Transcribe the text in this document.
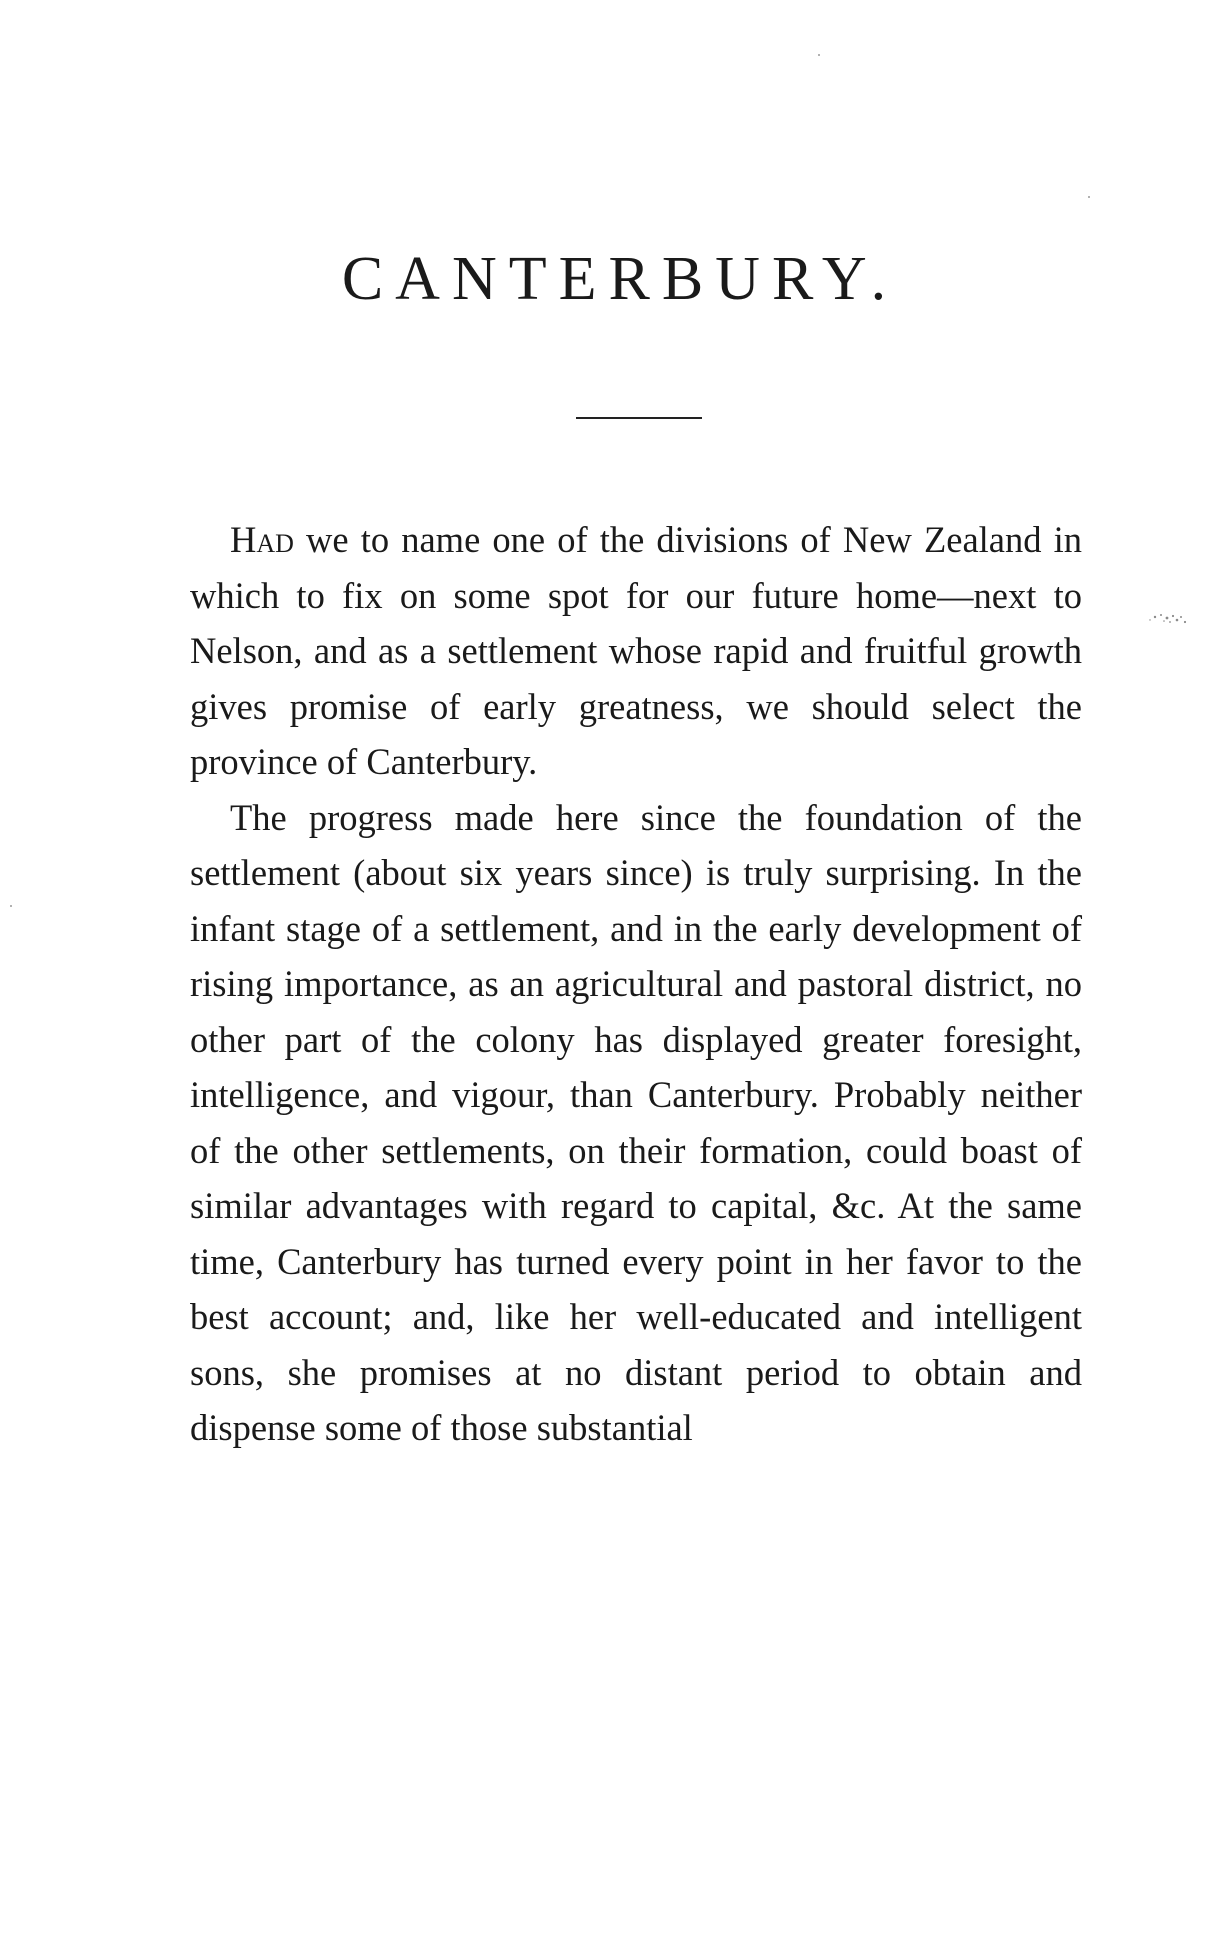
CANTERBURY.

Had we to name one of the divisions of New Zealand in which to fix on some spot for our future home—next to Nelson, and as a settlement whose rapid and fruitful growth gives promise of early greatness, we should select the province of Canterbury.

The progress made here since the foundation of the settlement (about six years since) is truly surprising. In the infant stage of a settlement, and in the early development of rising importance, as an agricultural and pastoral district, no other part of the colony has displayed greater foresight, intelligence, and vigour, than Canterbury. Probably neither of the other settlements, on their formation, could boast of similar advantages with regard to capital, &c. At the same time, Canterbury has turned every point in her favor to the best account; and, like her well-educated and intelligent sons, she promises at no distant period to obtain and dispense some of those substantial
